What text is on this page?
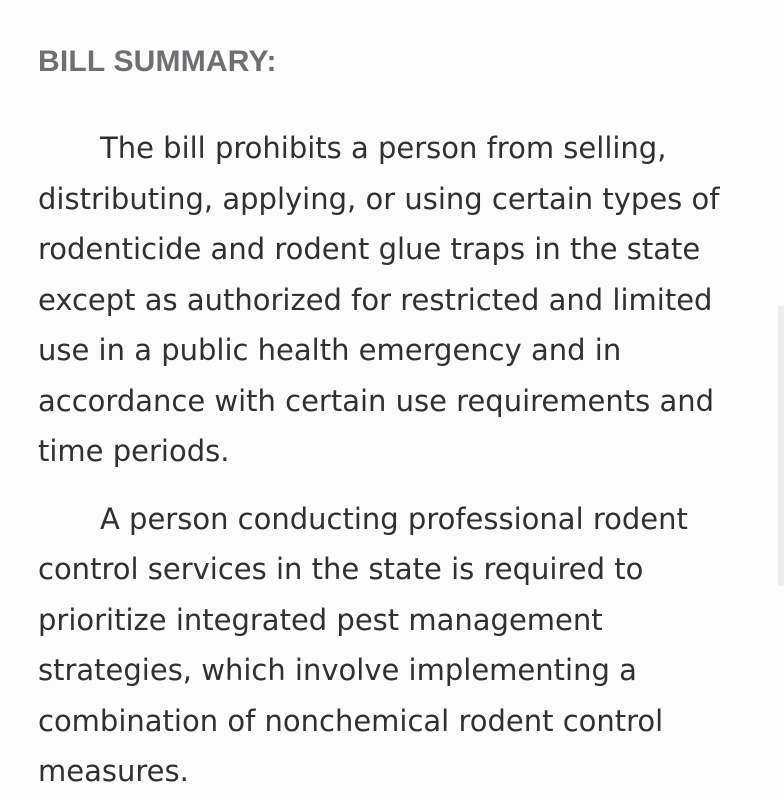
BILL SUMMARY:

The bill prohibits a person from selling, distributing, applying, or using certain types of rodenticide and rodent glue traps in the state except as authorized for restricted and limited use in a public health emergency and in accordance with certain use requirements and time periods.

A person conducting professional rodent control services in the state is required to prioritize integrated pest management strategies, which involve implementing a combination of nonchemical rodent control measures.
